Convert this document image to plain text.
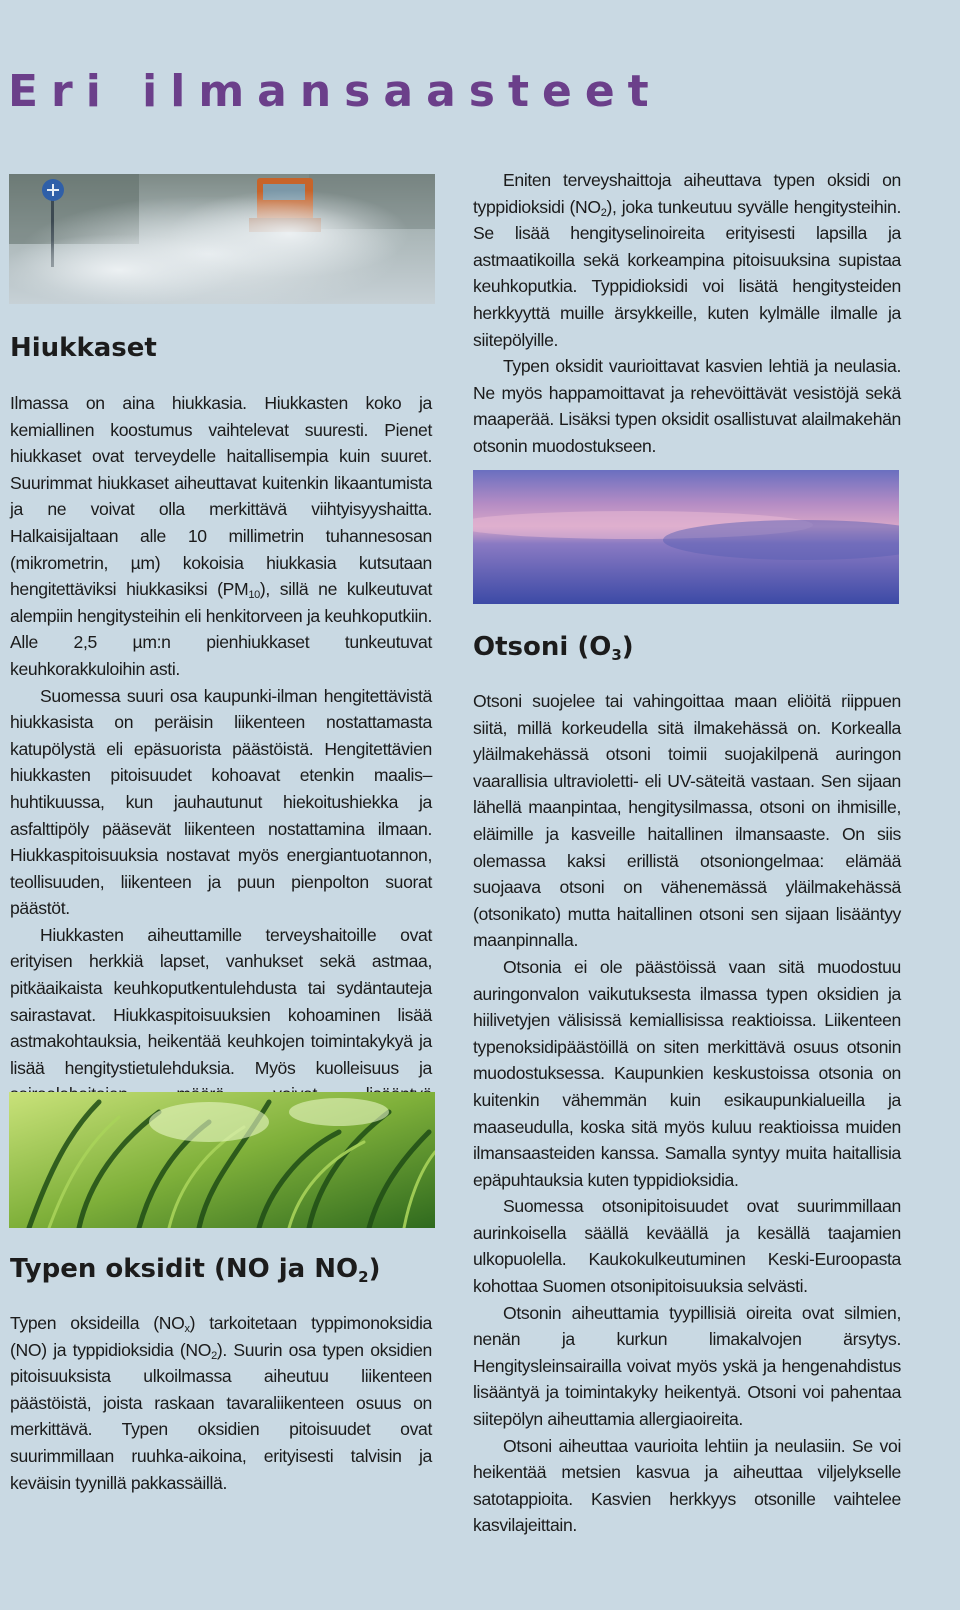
Eri ilmansaasteet
Hiukkaset

Ilmassa on aina hiukkasia. Hiukkasten koko ja kemiallinen koostumus vaihtelevat suuresti. Pienet hiukkaset ovat terveydelle haitallisempia kuin suuret. Suurimmat hiukkaset aiheuttavat kuitenkin likaantumista ja ne voivat olla merkittävä viihtyisyyshaitta. Halkaisijaltaan alle 10 millimetrin tuhannesosan (mikrometrin, µm) kokoisia hiukkasia kutsutaan hengitettäviksi hiukkasiksi $(PM_{10})$, sillä ne kulkeutuvat alempiin hengitysteihin eli henkitorveen ja keuhkoputkiin. Alle 2,5 µm:n pienhiukkaset tunkeutuvat keuhkorakkuloihin asti.

Suomessa suuri osa kaupunki-ilman hengitettävistä hiukkasista on peräisin liikenteen nostattamasta katupölystä eli epäsuorista päästöistä. Hengitettävien hiukkasten pitoisuudet kohoavat etenkin maalis–huhtikuussa, kun jauhautunut hiekoitushiekka ja asfalttipöly pääsevät liikenteen nostattamina ilmaan. Hiukkaspitoisuuksia nostavat myös energiantuotannon, teollisuuden, liikenteen ja puun pienpolton suorat päästöt.

Hiukkasten aiheuttamille terveyshaitoille ovat erityisen herkkiä lapset, vanhukset sekä astmaa, pitkäaikaista keuhkoputkentulehdusta tai sydäntauteja sairastavat. Hiukkaspitoisuuksien kohoaminen lisää astmakohtauksia, heikentää keuhkojen toimintakykyä ja lisää hengitystietulehduksia. Myös kuolleisuus ja

Typen oksidit (NO ja $NO_2$)

Typen oksideilla $(NO_x)$ tarkoitetaan typpimonoksidia (NO) ja typpidioksidia $(NO_2)$. Suurin osa typen oksidien pitoisuuksista ulkoilmassa aiheutuu liikenteen päästöistä, joista raskaan tavaraliikenteen osuus on merkittävä. Typen oksidien pitoisuudet ovat suurimmillaan ruuhka-aikoina, erityisesti talvisin ja keväisin tyynillä pakkassäillä.

Eniten terveyshaittoja aiheuttava typen oksidi on typpidioksidi $(NO_2)$, joka tunkeutuu syvälle hengitysteihin. Se lisää hengityselinoireita erityisesti lapsilla ja astmaatikoilla sekä korkeampina pitoisuuksina supistaa keuhkoputkia. Typpidioksidi voi lisätä hengitysteiden herkkyyttä muille ärsykkeille, kuten kylmälle ilmalle ja siitepölyille.

Typen oksidit vaurioittavat kasvien lehtiä ja neulasia. Ne myös happamoittavat ja rehevöittävät vesistöjä sekä maaperää. Lisäksi typen oksidit osallistuvat alailmakehän otsonin muodostukseen.

Otsoni $(O_3)$

Otsoni suojelee tai vahingoittaa maan eliöitä riippuen siitä, millä korkeudella sitä ilmakehässä on. Korkealla yläilmakehässä otsoni toimii suojakilpenä auringon vaarallisia ultravioletti- eli UV-säteitä vastaan. Sen sijaan lähellä maanpintaa, hengitysilmassa, otsoni on ihmisille, eläimille ja kasveille haitallinen ilmansaaste. On siis olemassa kaksi erillistä otsoniongelmaa: elämää suojaava otsoni on vähenemässä yläilmakehässä (otsonikato) mutta haitallinen otsoni sen sijaan lisääntyy maanpinnalla.

Otsonia ei ole päästöissä vaan sitä muodostuu auringonvalon vaikutuksesta ilmassa typen oksidien ja hiilivetyjen välisissä kemiallisissa reaktioissa. Liikenteen typenoksidipäästöillä on siten merkittävä osuus otsonin muodostuksessa. Kaupunkien keskustoissa otsonia on kuitenkin vähemmän kuin esikaupunkialueilla ja maaseudulla, koska sitä myös kuluu reaktioissa muiden ilmansaasteiden kanssa. Samalla syntyy muita haitallisia epäpuhtauksia kuten typpidioksidia.

Suomessa otsonipitoisuudet ovat suurimmillaan aurinkoisella säällä keväällä ja kesällä taajamien ulkopuolella. Kaukokulkeutuminen Keski-Euroopasta kohottaa Suomen otsonipitoisuuksia selvästi.

Otsonin aiheuttamia tyypillisiä oireita ovat silmien, nenän ja kurkun limakalvojen ärsytys. Hengitysleinsairailla voivat myös yskä ja hengenahdistus lisääntyä ja toimintakyky heikentyä. Otsoni voi pahentaa siitepölyn aiheuttamia allergiaoireita.

Otsoni aiheuttaa vaurioita lehtiin ja neulasiin. Se voi heikentää metsien kasvua ja aiheuttaa viljelykselle satotappioita. Kasvien herkkyys otsonille vaihtelee kasvilajeittain.
